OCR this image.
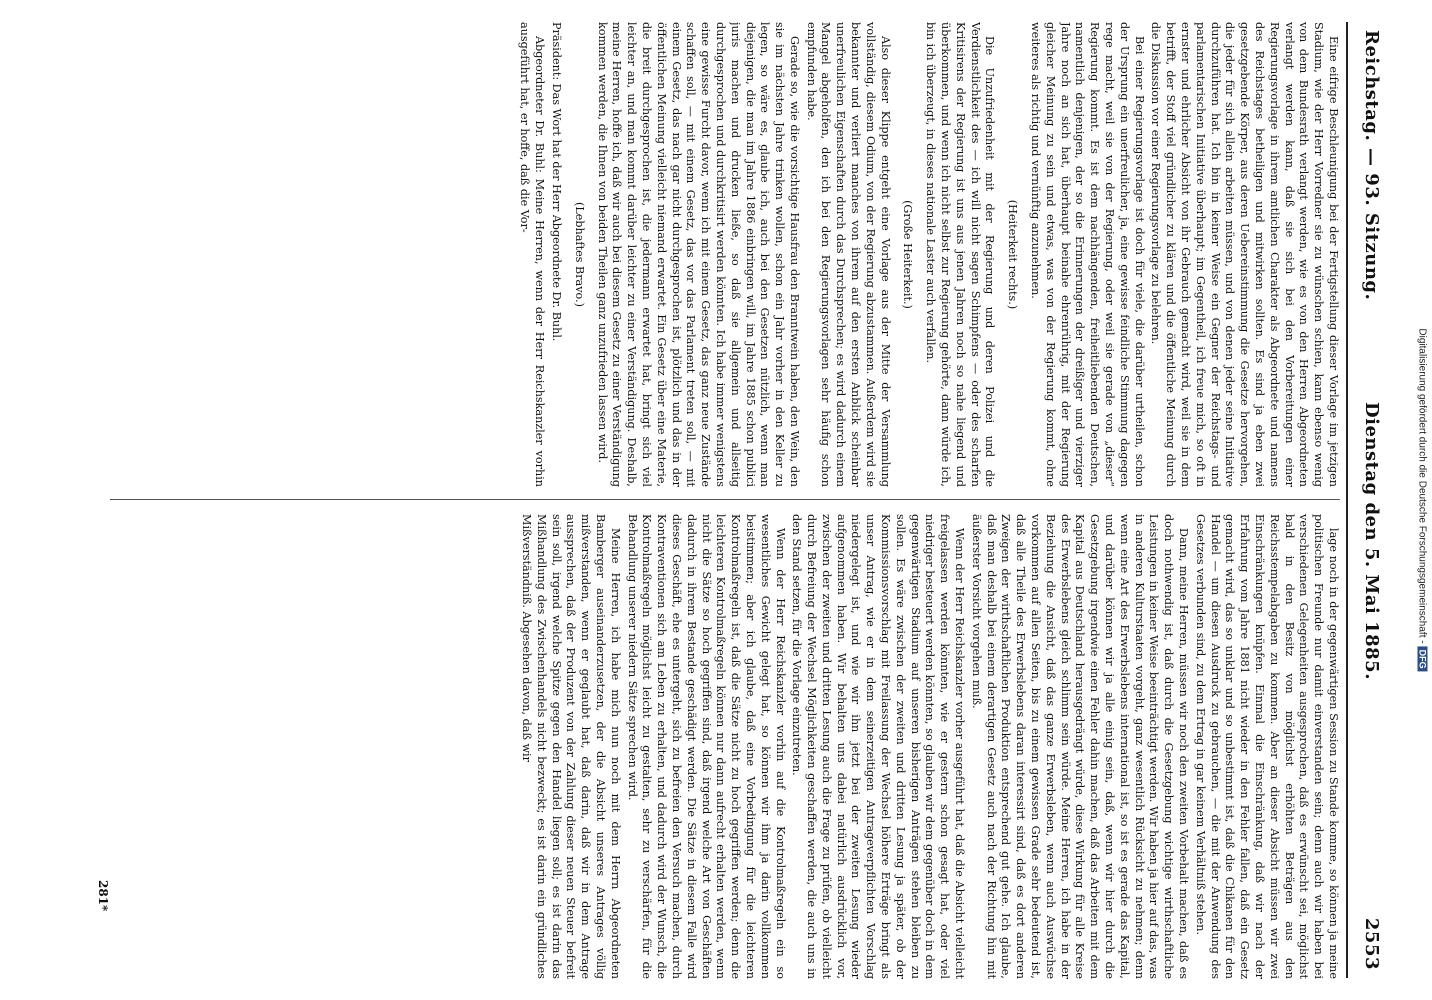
Reichstag. — 93. Sitzung.
Dienstag den 5. Mai 1885.
2553

Eine eifrige Beschleunigung bei der Fertigstellung dieser Vorlage im jetzigen Stadium, wie der Herr Vorredner sie zu wünschen schien, kann ebenso wenig von dem Bundesrath verlangt werden, wie es von den Herren Abgeordneten verlangt werden kann, daß sie sich bei den Vorbereitungen einer Regierungsvorlage in ihrem amtlichen Charakter als Abgeordnete und namens des Reichstages betheiligen und mitwirken sollten. Es sind ja eben zwei gesetzgebende Körper, aus deren Uebereinstimmung die Gesetze hervorgehen, die jeder für sich allein arbeiten müssen, und von denen jeder seine Initiative durchzuführen hat. Ich bin in keiner Weise ein Gegner der Reichstags- und parlamentarischen Initiative überhaupt; im Gegentheil, ich freue mich, so oft in ernster und ehrlicher Absicht von ihr Gebrauch gemacht wird, weil sie in dem betrifft, der Stoff viel gründlicher zu klären und die öffentliche Meinung durch die Diskussion vor einer Regierungsvorlage zu belehren.

Bei einer Regierungsvorlage ist doch für viele, die darüber urtheilen, schon der Ursprung ein unerfreulicher, ja, eine gewisse feindliche Stimmung dagegen rege macht, weil sie von der Regierung, oder weil sie gerade von „dieser“ Regierung kommt. Es ist dem nachhängenden, freiheitliebenden Deutschen, namentlich denjenigen, der so die Erinnerungen der dreißiger und vierziger Jahre noch an sich hat, überhaupt beinahe ehrenrührig, mit der Regierung gleicher Meinung zu sein und etwas, was von der Regierung kommt, ohne weiteres als richtig und vernünftig anzunehmen.

(Heiterkeit rechts.)

Die Unzufriedenheit mit der Regierung und deren Polizei und die Verdienstlichkeit des — ich will nicht sagen Schimpfens — oder des scharfen Kritisirens der Regierung ist uns aus jenen Jahren noch so nahe liegend und überkommen, und wenn ich nicht selbst zur Regierung gehörte, dann würde ich, bin ich überzeugt, in dieses nationale Laster auch verfallen.

(Große Heiterkeit.)

Also dieser Klippe entgeht eine Vorlage aus der Mitte der Versammlung vollständig, diesem Odium, von der Regierung abzustammen. Außerdem wird sie bekannter und verliert manches von ihrem auf den ersten Anblick scheinbar unerfreulichen Eigenschaften durch das Durchsprechen; es wird dadurch einem Mangel abgeholfen, den ich bei den Regierungsvorlagen sehr häufig schon empfunden habe.

Gerade so, wie die vorsichtige Hausfrau den Branntwein haben, den Wein, den sie im nächsten Jahre trinken wollen, schon ein Jahr vorher in den Keller zu legen, so wäre es, glaube ich, auch bei den Gesetzen nützlich, wenn man diejenigen, die man im Jahre 1886 einbringen will, im Jahre 1885 schon publici juris machen und drucken ließe, so daß sie allgemein und allseitig durchgesprochen und durchkritisirt werden könnten. Ich habe immer wenigstens eine gewisse Furcht davor, wenn ich mit einem Gesetz, das ganz neue Zustände schaffen soll, — mit einem Gesetz, das vor das Parlament treten soll, — mit einem Gesetz, das nach gar nicht durchgesprochen ist, plötzlich und das in der öffentlichen Meinung vielleicht niemand erwartet. Ein Gesetz über eine Materie, die breit durchgesprochen ist, die jedermann erwartet hat, bringt sich viel leichter an, und man kommt darüber leichter zu einer Verständigung. Deshalb, meine Herren, hoffe ich, daß wir auch bei diesem Gesetz zu einer Verständigung kommen werden, die Ihnen von beiden Theilen ganz unzufrieden lassen wird.

(Lebhaftes Bravo.)

Präsident: Das Wort hat der Herr Abgeordnete Dr. Buhl.

Abgeordneter Dr. Buhl: Meine Herren, wenn der Herr Reichskanzler vorhin ausgeführt hat, er hoffe, daß die Vor-

lage noch in der gegenwärtigen Session zu Stande komme, so können ja meine politischen Freunde nur damit einverstanden sein; denn auch wir haben bei verschiedenen Gelegenheiten ausgesprochen, daß es erwünscht sei, möglichst bald in den Besitz von möglichst erhöhten Beträgen aus den Reichsstempelabgaben zu kommen. Aber an dieser Absicht müssen wir zwei Einschränkungen knüpfen. Einmal die Einschränkung, daß wir nach der Erfahrung vom Jahre 1881 nicht wieder in den Fehler fallen, daß ein Gesetz gemacht wird, das so unklar und so unbestimmt ist, daß die Chikanen für den Handel — um diesen Ausdruck zu gebrauchen, — die mit der Anwendung des Gesetzes verbunden sind, zu dem Ertrag in gar keinem Verhältniß stehen.

Dann, meine Herren, müssen wir noch den zweiten Vorbehalt machen, daß es doch nothwendig ist, daß durch die Gesetzgebung wichtige wirthschaftliche Leistungen in keiner Weise beeinträchtigt werden. Wir haben ja hier auf das, was in anderen Kulturstaaten vorgeht, ganz wesentlich Rücksicht zu nehmen; denn wenn eine Art des Erwerbslebens international ist, so ist es gerade das Kapital, und darüber können wir ja alle einig sein, daß, wenn wir hier durch die Gesetzgebung irgendwie einen Fehler dahin machen, daß das Arbeiten mit dem Kapital aus Deutschland herausgedrängt würde, diese Wirkung für alle Kreise des Erwerbslebens gleich schlimm sein würde. Meine Herren, ich habe in der Beziehung die Ansicht, daß das ganze Erwerbsleben, wenn auch Auswüchse vorkommen auf allen Seiten, bis zu einem gewissen Grade sehr bedeutend ist, daß alle Theile des Erwerbslebens daran interessirt sind, daß es dort anderen Zweigen der wirthschaftlichen Produktion entsprechend gut gehe. Ich glaube, daß man deshalb bei einem derartigen Gesetz auch nach der Richtung hin mit äußerster Vorsicht vorgehen muß.

Wenn der Herr Reichskanzler vorher ausgeführt hat, daß die Absicht vielleicht freigelassen werden könnten, wie er gestern schon gesagt hat, oder viel niedriger besteuert werden könnten, so glauben wir dem gegenüber doch in dem gegenwärtigen Stadium auf unseren bisherigen Anträgen stehen bleiben zu sollen. Es wäre zwischen der zweiten und dritten Lesung ja später, ob der Kommissionsvorschlag mit Freilassung der Wechsel höhere Erträge bringt als unser Antrag, wie er in dem seinerzeitigen Antrageverpflichten Vorschlag niedergelegt ist, und wie wir ihn jetzt bei der zweiten Lesung wieder aufgenommen haben. Wir behalten uns dabei natürlich ausdrücklich vor, zwischen der zweiten und dritten Lesung auch die Frage zu prüfen, ob vielleicht durch Befreiung der Wechsel Möglichkeiten geschaffen werden, die auch uns in den Stand setzen, für die Vorlage einzutreten.

Wenn der Herr Reichskanzler vorhin auf die Kontrolmaßregeln ein so wesentliches Gewicht gelegt hat, so können wir ihm ja darin vollkommen beistimmen; aber ich glaube, daß eine Vorbedingung für die leichteren Kontrolmaßregeln ist, daß die Sätze nicht zu hoch gegriffen werden; denn die leichteren Kontrolmaßregeln können nur dann aufrecht erhalten werden, wenn nicht die Sätze so hoch gegriffen sind, daß irgend welche Art von Geschäften dadurch in ihrem Bestande geschädigt werden. Die Sätze in diesem Falle wird dieses Geschäft, ehe es untergeht, sich zu befreien den Versuch machen, durch Kontraventionen sich am Leben zu erhalten, und dadurch wird der Wunsch, die Kontrolmaßregeln möglichst leicht zu gestalten, sehr zu verschärfen, für die Behandlung unserer niedern Sätze sprechen wird.

Meine Herren, ich habe mich nun noch mit dem Herrn Abgeordneten Bamberger auseinanderzusetzen, der die Absicht unseres Antrages völlig mißverstanden, wenn er geglaubt hat, daß darin, daß wir in dem Antrage aussprechen, daß der Produzent von der Zahlung dieser neuen Steuer befreit sein soll, irgend welche Spitze gegen den Handel liegen soll; es ist darin das Mißhandlung des Zwischenhandels nicht bezweckt; es ist darin ein gründliches Mißverständniß. Abgesehen davon, daß wir

281*
Digitalisierung gefördert durch die Deutsche Forschungsgemeinschaft -DFG
